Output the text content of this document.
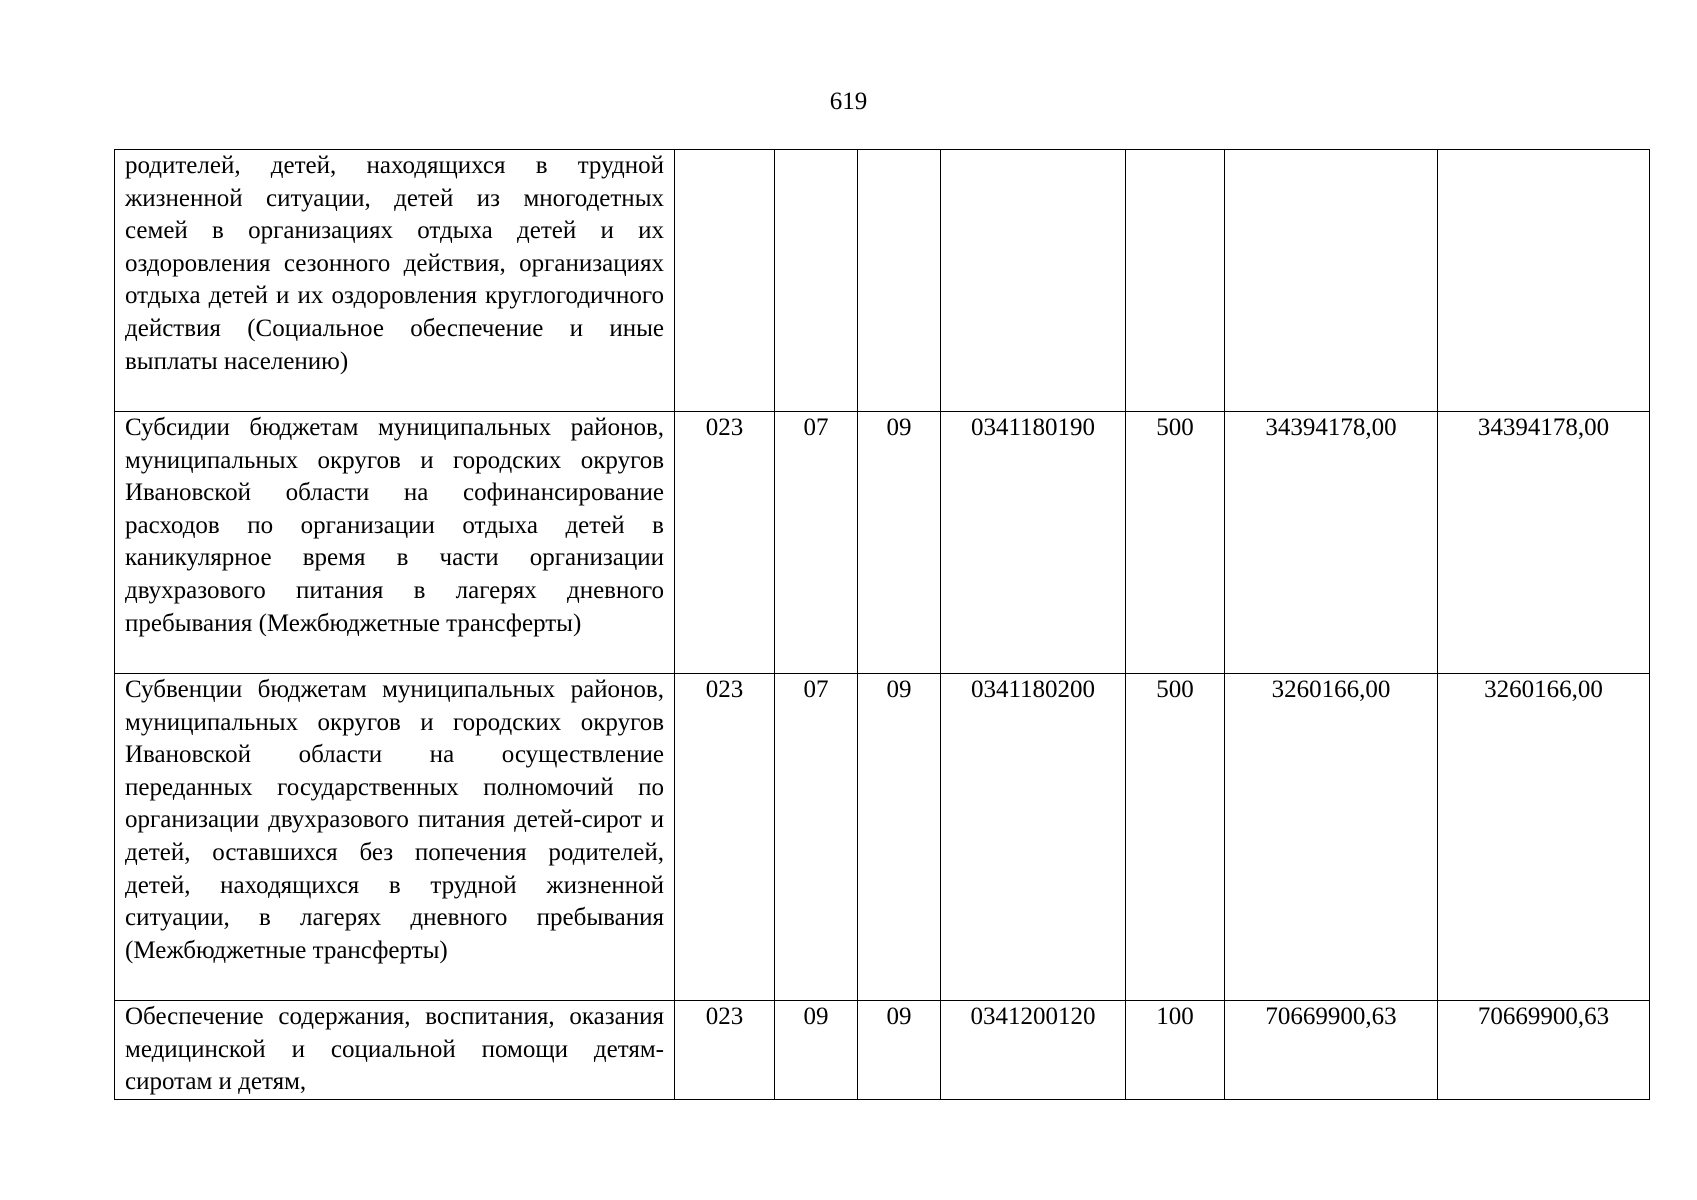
619
родителей, детей, находящихся в трудной жизненной ситуации, детей из многодетных семей в организациях отдыха детей и их оздоровления сезонного действия, организациях отдыха детей и их оздоровления круглогодичного действия (Социальное обеспечение и иные выплаты населению)							
Субсидии бюджетам муниципальных районов, муниципальных округов и городских округов Ивановской области на софинансирование расходов по организации отдыха детей в каникулярное время в части организации двухразового питания в лагерях дневного пребывания (Межбюджетные трансферты)	023	07	09	0341180190	500	34394178,00	34394178,00
Субвенции бюджетам муниципальных районов, муниципальных округов и городских округов Ивановской области на осуществление переданных государственных полномочий по организации двухразового питания детей-сирот и детей, оставшихся без попечения родителей, детей, находящихся в трудной жизненной ситуации, в лагерях дневного пребывания (Межбюджетные трансферты)	023	07	09	0341180200	500	3260166,00	3260166,00
Обеспечение содержания, воспитания, оказания медицинской и социальной помощи детям-сиротам и детям,	023	09	09	0341200120	100	70669900,63	70669900,63
